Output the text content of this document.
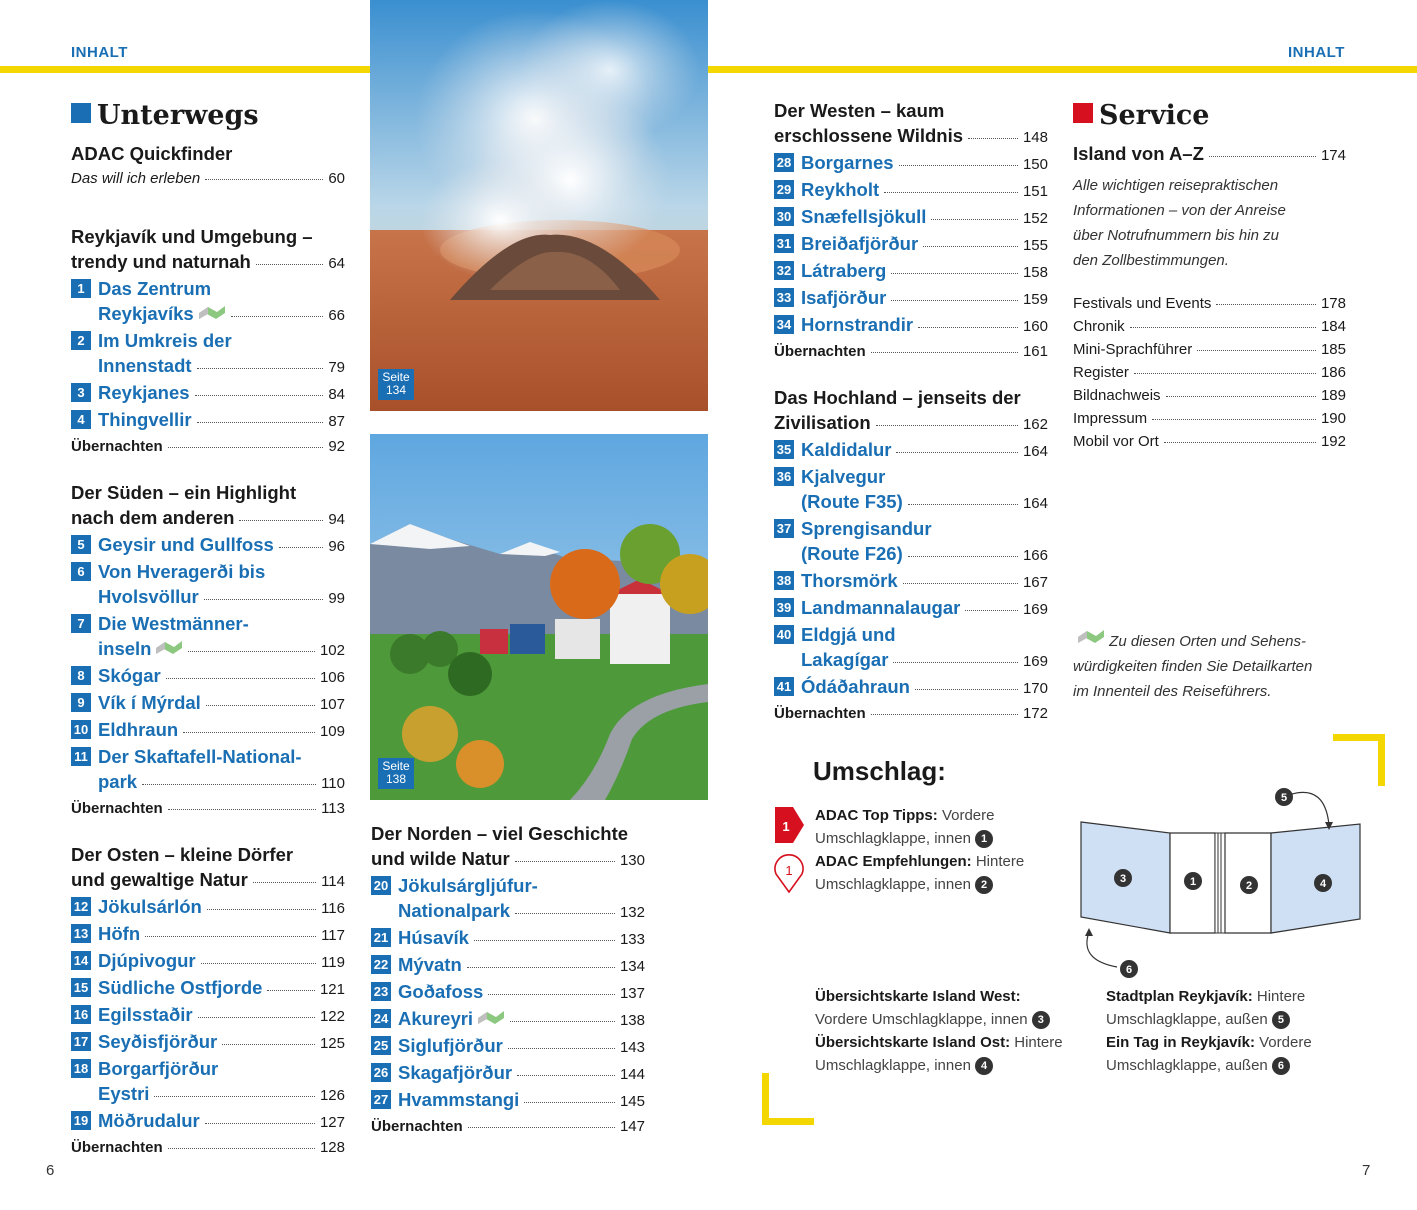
INHALT	INHALT
Unterwegs
ADAC Quickfinder
Das will ich erleben	60
Reykjavík und Umgebung –
trendy und naturnah	64
1 Das Zentrum
Reykjavíks	66
2 Im Umkreis der
Innenstadt	79
3 Reykjanes	84
4 Thingvellir	87
Übernachten	92
Der Süden – ein Highlight
nach dem anderen	94
5 Geysir und Gullfoss	96
6 Von Hveragerði bis
Hvolsvöllur	99
7 Die Westmänner-
inseln	102
8 Skógar	106
9 Vík í Mýrdal	107
10 Eldhraun	109
11 Der Skaftafell-National-
park	110
Übernachten	113
Der Osten – kleine Dörfer
und gewaltige Natur	114
12 Jökulsárlón	116
13 Höfn	117
14 Djúpivogur	119
15 Südliche Ostfjorde	121
16 Egilsstaðir	122
17 Seyðisfjörður	125
18 Borgarfjörður
Eystri	126
19 Möðrudalur	127
Übernachten	128
Der Norden – viel Geschichte
und wilde Natur	130
20 Jökulsárgljúfur-
Nationalpark	132
21 Húsavík	133
22 Mývatn	134
23 Goðafoss	137
24 Akureyri	138
25 Siglufjörður	143
26 Skagafjörður	144
27 Hvammstangi	145
Übernachten	147
Der Westen – kaum
erschlossene Wildnis	148
28 Borgarnes	150
29 Reykholt	151
30 Snæfellsjökull	152
31 Breiðafjörður	155
32 Látraberg	158
33 Isafjörður	159
34 Hornstrandir	160
Übernachten	161
Das Hochland – jenseits der
Zivilisation	162
35 Kaldidalur	164
36 Kjalvegur
(Route F35)	164
37 Sprengisandur
(Route F26)	166
38 Thorsmörk	167
39 Landmannalaugar	169
40 Eldgjá und
Lakagígar	169
41 Ódáðahraun	170
Übernachten	172
Seite
134
Seite
138
Service
Island von A–Z	174
Alle wichtigen reisepraktischen
Informationen – von der Anreise
über Notrufnummern bis hin zu
den Zollbestimmungen.
Festivals und Events	178
Chronik	184
Mini-Sprachführer	185
Register	186
Bildnachweis	189
Impressum	190
Mobil vor Ort	192
Zu diesen Orten und Sehens-
würdigkeiten finden Sie Detailkarten
im Innenteil des Reiseführers.
Umschlag:
1
1
ADAC Top Tipps: Vordere
Umschlagklappe, innen 1
ADAC Empfehlungen: Hintere
Umschlagklappe, innen 2	3	1	2	4
5
6
Übersichtskarte Island West:
Vordere Umschlagklappe, innen 3
Übersichtskarte Island Ost: Hintere
Umschlagklappe, innen 4
Stadtplan Reykjavík: Hintere
Umschlagklappe, außen 5
Ein Tag in Reykjavík: Vordere
Umschlagklappe, außen 6
6	7
